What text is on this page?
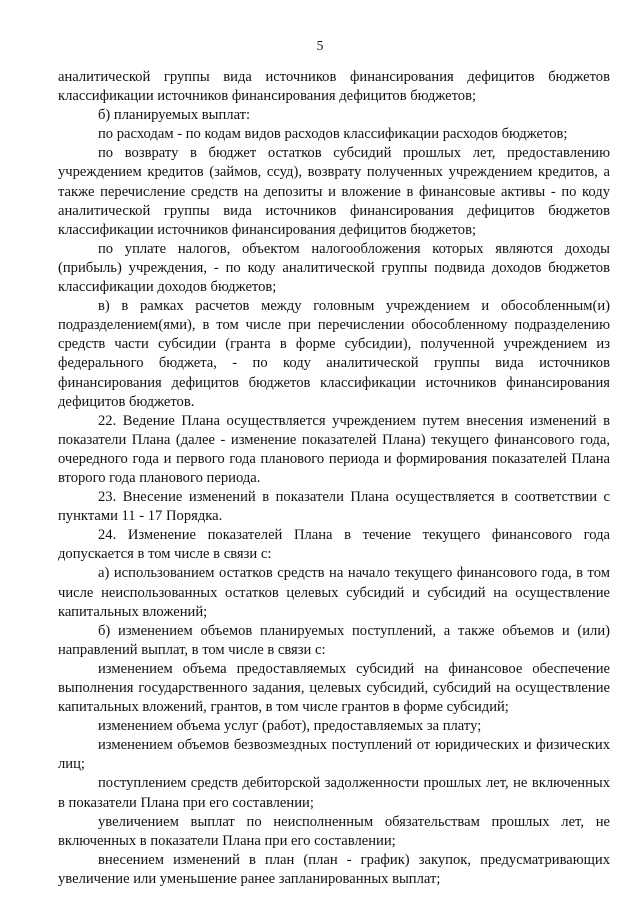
5

аналитической группы вида источников финансирования дефицитов бюджетов классификации источников финансирования дефицитов бюджетов;

б) планируемых выплат:

по расходам - по кодам видов расходов классификации расходов бюджетов;

по возврату в бюджет остатков субсидий прошлых лет, предоставлению учреждением кредитов (займов, ссуд), возврату полученных учреждением кредитов, а также перечисление средств на депозиты и вложение в финансовые активы - по коду аналитической группы вида источников финансирования дефицитов бюджетов классификации источников финансирования дефицитов бюджетов;

по уплате налогов, объектом налогообложения которых являются доходы (прибыль) учреждения, - по коду аналитической группы подвида доходов бюджетов классификации доходов бюджетов;

в) в рамках расчетов между головным учреждением и обособленным(и) подразделением(ями), в том числе при перечислении обособленному подразделению средств части субсидии (гранта в форме субсидии), полученной учреждением из федерального бюджета, - по коду аналитической группы вида источников финансирования дефицитов бюджетов классификации источников финансирования дефицитов бюджетов.

22. Ведение Плана осуществляется учреждением путем внесения изменений в показатели Плана (далее - изменение показателей Плана) текущего финансового года, очередного года и первого года планового периода и формирования показателей Плана второго года планового периода.

23. Внесение изменений в показатели Плана осуществляется в соответствии с пунктами 11 - 17 Порядка.

24. Изменение показателей Плана в течение текущего финансового года допускается в том числе в связи с:

а) использованием остатков средств на начало текущего финансового года, в том числе неиспользованных остатков целевых субсидий и субсидий на осуществление капитальных вложений;

б) изменением объемов планируемых поступлений, а также объемов и (или) направлений выплат, в том числе в связи с:

изменением объема предоставляемых субсидий на финансовое обеспечение выполнения государственного задания, целевых субсидий, субсидий на осуществление капитальных вложений, грантов, в том числе грантов в форме субсидий;

изменением объема услуг (работ), предоставляемых за плату;

изменением объемов безвозмездных поступлений от юридических и физических лиц;

поступлением средств дебиторской задолженности прошлых лет, не включенных в показатели Плана при его составлении;

увеличением выплат по неисполненным обязательствам прошлых лет, не включенных в показатели Плана при его составлении;

внесением изменений в план (план - график) закупок, предусматривающих увеличение или уменьшение ранее запланированных выплат;
